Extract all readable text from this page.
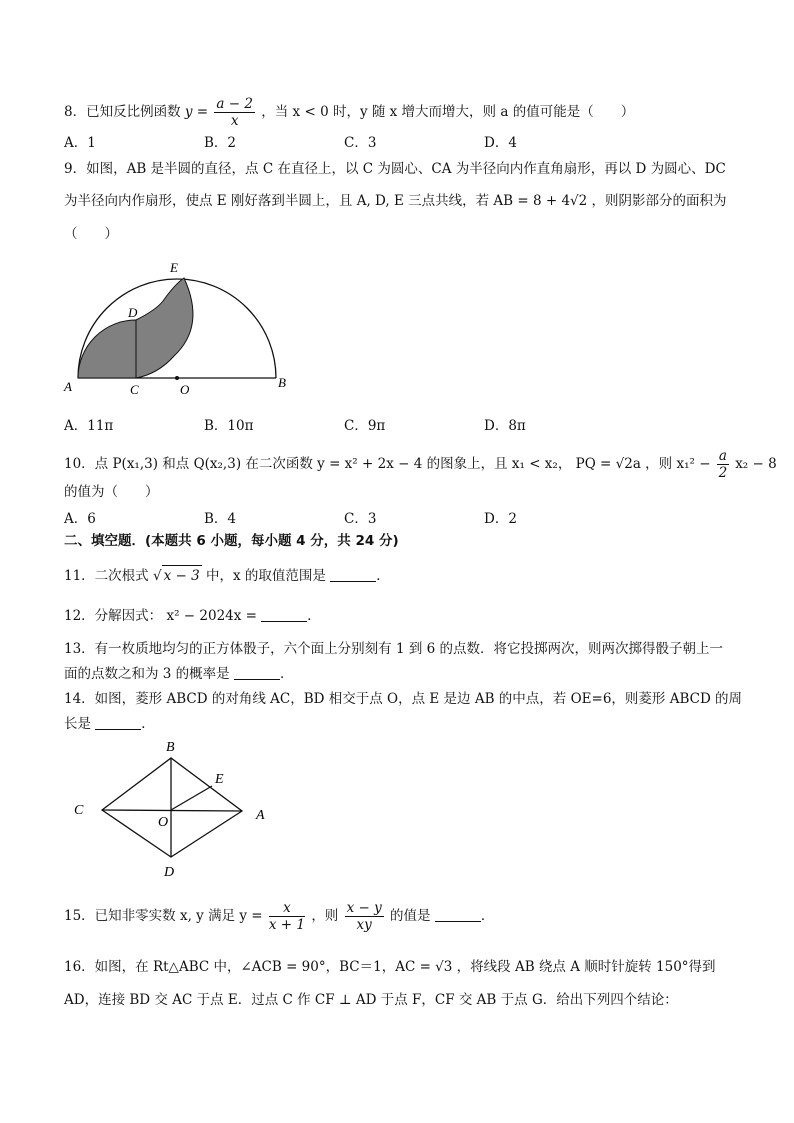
8．已知反比例函数 $y = \frac{a - 2}{x}$ ，当 x < 0 时，y 随 x 增大而增大，则 a 的值可能是（　　）
A．1	B．2	C．3	D．4
9．如图，AB 是半圆的直径，点 C 在直径上，以 C 为圆心、CA 为半径向内作直角扇形，再以 D 为圆心、DC
为半径向内作扇形，使点 E 刚好落到半圆上，且 A, D, E 三点共线，若 AB = 8 + 4√2 ，则阴影部分的面积为
（　　）
A	B
C
D
E
O
A．11π	B．10π	C．9π	D．8π
10．点 P(x₁,3) 和点 Q(x₂,3) 在二次函数 y = x² + 2x − 4 的图象上，且 x₁ < x₂， PQ = √2a ，则 $x_1^2 - \frac{a}{2} x_2 - 8$
的值为（　　）
A．6	B．4	C．3	D．2
二、填空题．(本题共 6 小题，每小题 4 分，共 24 分)
11．二次根式 √ x − 3 中，x 的取值范围是	．
12．分解因式： x² − 2024x =	．
13．有一枚质地均匀的正方体骰子，六个面上分别刻有 1 到 6 的点数．将它投掷两次，则两次掷得骰子朝上一
面的点数之和为 3 的概率是	．
14．如图，菱形 ABCD 的对角线 AC，BD 相交于点 O，点 E 是边 AB 的中点，若 OE=6，则菱形 ABCD 的周
长是	．
B
E
C
O	A
D
15．已知非零实数 x, y 满足 $y = \frac{x}{x + 1}$ ，则 $\frac{x - y}{xy}$ 的值是	．
16．如图，在 Rt△ABC 中，∠ACB = 90°，BC＝1，AC = √3 ，将线段 AB 绕点 A 顺时针旋转 150°得到
AD，连接 BD 交 AC 于点 E．过点 C 作 CF ⊥ AD 于点 F，CF 交 AB 于点 G．给出下列四个结论：
